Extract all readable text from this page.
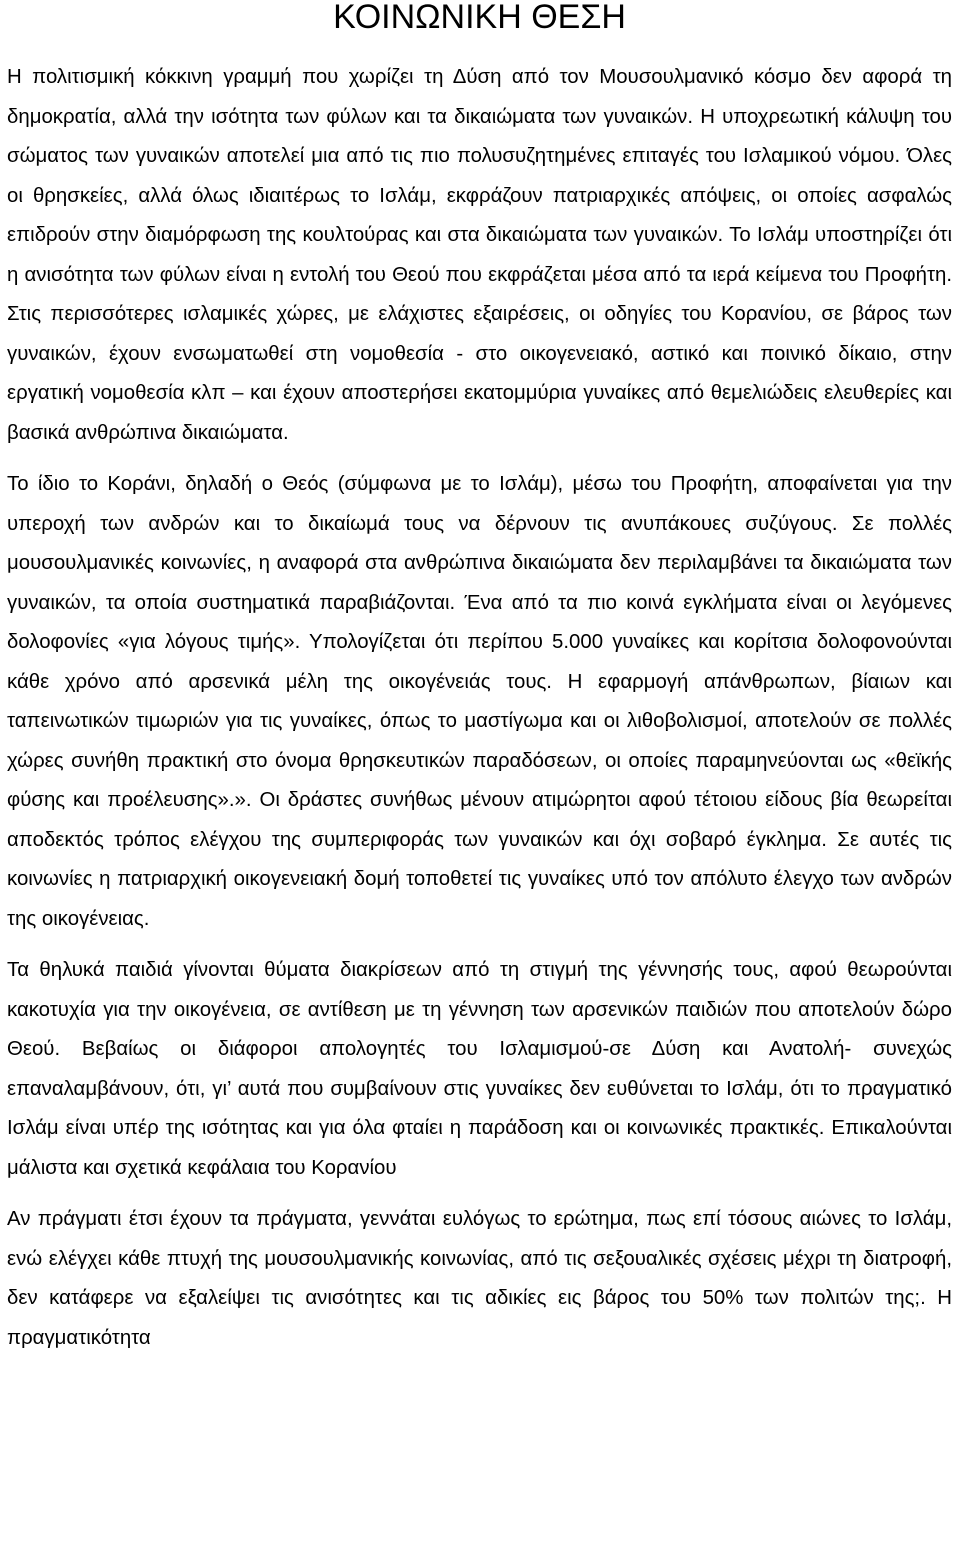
ΚΟΙΝΩΝΙΚΗ ΘΕΣΗ

Η πολιτισμική κόκκινη γραμμή που χωρίζει τη Δύση από τον Μουσουλμανικό κόσμο δεν αφορά τη δημοκρατία, αλλά την ισότητα των φύλων και τα δικαιώματα των γυναικών. Η υποχρεωτική κάλυψη του σώματος των γυναικών αποτελεί μια από τις πιο πολυσυζητημένες επιταγές του Ισλαμικού νόμου. Όλες οι θρησκείες, αλλά όλως ιδιαιτέρως το Ισλάμ, εκφράζουν πατριαρχικές απόψεις, οι οποίες ασφαλώς επιδρούν στην διαμόρφωση της κουλτούρας και στα δικαιώματα των γυναικών. Το Ισλάμ υποστηρίζει ότι η ανισότητα των φύλων είναι η εντολή του Θεού που εκφράζεται μέσα από τα ιερά κείμενα του Προφήτη. Στις περισσότερες ισλαμικές χώρες, με ελάχιστες εξαιρέσεις, οι οδηγίες του Κορανίου, σε βάρος των γυναικών, έχουν ενσωματωθεί στη νομοθεσία - στο οικογενειακό, αστικό και ποινικό δίκαιο, στην εργατική νομοθεσία κλπ – και έχουν αποστερήσει εκατομμύρια γυναίκες από θεμελιώδεις ελευθερίες και βασικά ανθρώπινα δικαιώματα.

Το ίδιο το Κοράνι, δηλαδή ο Θεός (σύμφωνα με το Ισλάμ), μέσω του Προφήτη, αποφαίνεται για την υπεροχή των ανδρών και το δικαίωμά τους να δέρνουν τις ανυπάκουες συζύγους. Σε πολλές μουσουλμανικές κοινωνίες, η αναφορά στα ανθρώπινα δικαιώματα δεν περιλαμβάνει τα δικαιώματα των γυναικών, τα οποία συστηματικά παραβιάζονται. Ένα από τα πιο κοινά εγκλήματα είναι οι λεγόμενες δολοφονίες «για λόγους τιμής». Υπολογίζεται ότι περίπου 5.000 γυναίκες και κορίτσια δολοφονούνται κάθε χρόνο από αρσενικά μέλη της οικογένειάς τους. Η εφαρμογή απάνθρωπων, βίαιων και ταπεινωτικών τιμωριών για τις γυναίκες, όπως το μαστίγωμα και οι λιθοβολισμοί, αποτελούν σε πολλές χώρες συνήθη πρακτική στο όνομα θρησκευτικών παραδόσεων, οι οποίες παραμηνεύονται ως «θεϊκής φύσης και προέλευσης».». Οι δράστες συνήθως μένουν ατιμώρητοι αφού τέτοιου είδους βία θεωρείται αποδεκτός τρόπος ελέγχου της συμπεριφοράς των γυναικών και όχι σοβαρό έγκλημα. Σε αυτές τις κοινωνίες η πατριαρχική οικογενειακή δομή τοποθετεί τις γυναίκες υπό τον απόλυτο έλεγχο των ανδρών της οικογένειας.

Τα θηλυκά παιδιά γίνονται θύματα διακρίσεων από τη στιγμή της γέννησής τους, αφού θεωρούνται κακοτυχία για την οικογένεια, σε αντίθεση με τη γέννηση των αρσενικών παιδιών που αποτελούν δώρο Θεού. Βεβαίως οι διάφοροι απολογητές του Ισλαμισμού-σε Δύση και Ανατολή- συνεχώς επαναλαμβάνουν, ότι, γι’ αυτά που συμβαίνουν στις γυναίκες δεν ευθύνεται το Ισλάμ, ότι το πραγματικό Ισλάμ είναι υπέρ της ισότητας και για όλα φταίει η παράδοση και οι κοινωνικές πρακτικές. Επικαλούνται μάλιστα και σχετικά κεφάλαια του Κορανίου

Αν πράγματι έτσι έχουν τα πράγματα, γεννάται ευλόγως το ερώτημα, πως επί τόσους αιώνες το Ισλάμ, ενώ ελέγχει κάθε πτυχή της μουσουλμανικής κοινωνίας, από τις σεξουαλικές σχέσεις μέχρι τη διατροφή, δεν κατάφερε να εξαλείψει τις ανισότητες και τις αδικίες εις βάρος του 50% των πολιτών της;. Η πραγματικότητα
